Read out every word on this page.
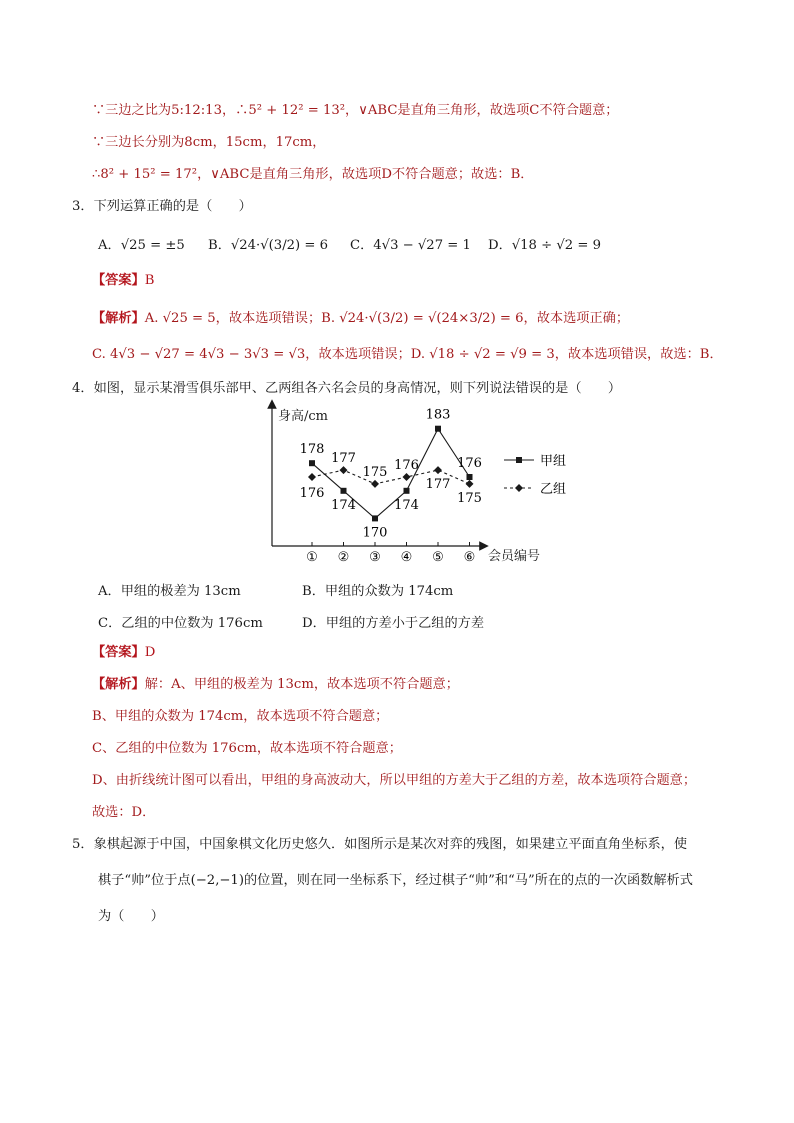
∵三边之比为5:12:13，∴5² + 12² = 13²，∨ABC是直角三角形，故选项C不符合题意；
∵三边长分别为8cm，15cm，17cm，
∴8² + 15² = 17²，∨ABC是直角三角形，故选项D不符合题意；故选：B．
3．下列运算正确的是（　　）
A．√25 = ±5 B．√24·√(3/2) = 6 C．4√3 − √27 = 1 D．√18 ÷ √2 = 9
【答案】B
【解析】A. √25 = 5，故本选项错误；B. √24·√(3/2) = √(24×3/2) = 6，故本选项正确；
C. 4√3 − √27 = 4√3 − 3√3 = √3，故本选项错误；D. √18 ÷ √2 = √9 = 3，故本选项错误，故选：B．
4．如图，显示某滑雪俱乐部甲、乙两组各六名会员的身高情况，则下列说法错误的是（　　）
身高/cm
会员编号
① ② ③ ④ ⑤ ⑥
178
174
170
174
183
176
176
177
175 176
177
175
甲组
乙组
A．甲组的极差为 13cm	B．甲组的众数为 174cm
C．乙组的中位数为 176cm	D．甲组的方差小于乙组的方差
【答案】D
【解析】解：A、甲组的极差为 13cm，故本选项不符合题意；
B、甲组的众数为 174cm，故本选项不符合题意；
C、乙组的中位数为 176cm，故本选项不符合题意；
D、由折线统计图可以看出，甲组的身高波动大，所以甲组的方差大于乙组的方差，故本选项符合题意；
故选：D．
5．象棋起源于中国，中国象棋文化历史悠久．如图所示是某次对弈的残图，如果建立平面直角坐标系，使
棋子“帅”位于点(−2,−1)的位置，则在同一坐标系下，经过棋子“帅”和“马”所在的点的一次函数解析式
为（　　）
